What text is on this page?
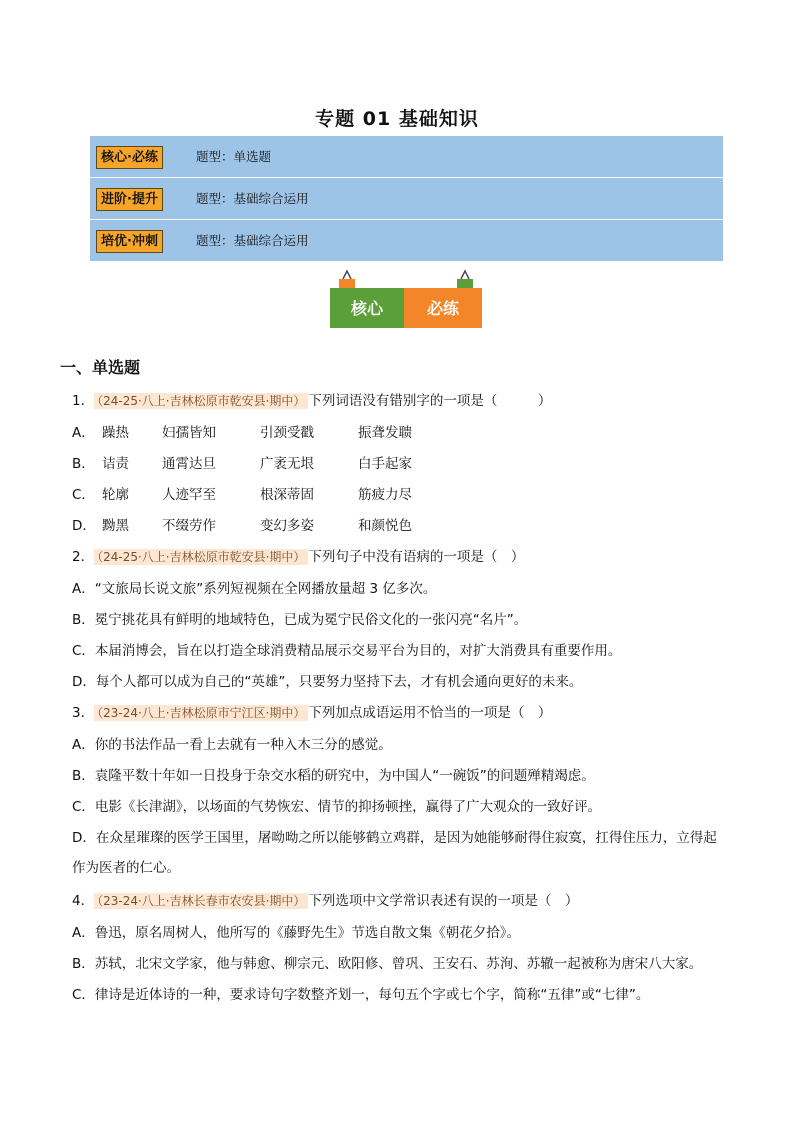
专题 01 基础知识
核心·必练	题型：单选题
进阶·提升	题型：基础综合运用
培优·冲刺	题型：基础综合运用
核心	必练
一、单选题
1． （24-25·八上·吉林松原市乾安县·期中） 下列词语没有错别字的一项是（　　　）
A． 躁热 妇孺皆知	引颈受戳	振聋发聩
B． 诘责 通霄达旦	广袤无垠	白手起家
C． 轮廓 人迹罕至	根深蒂固	筋疲力尽
D． 黝黑 不缀劳作	变幻多姿	和颜悦色
2． （24-25·八上·吉林松原市乾安县·期中） 下列句子中没有语病的一项是（　）
A．“文旅局长说文旅”系列短视频在全网播放量超 3 亿多次。
B．冕宁挑花具有鲜明的地域特色，已成为冕宁民俗文化的一张闪亮“名片”。
C．本届消博会，旨在以打造全球消费精品展示交易平台为目的，对扩大消费具有重要作用。
D．每个人都可以成为自己的“英雄”，只要努力坚持下去，才有机会通向更好的未来。
3． （23-24·八上·吉林松原市宁江区·期中） 下列加点成语运用不恰当的一项是（　）
A．你的书法作品一看上去就有一种入木三分的感觉。
B．袁隆平数十年如一日投身于杂交水稻的研究中，为中国人“一碗饭”的问题殚精竭虑。
C．电影《长津湖》，以场面的气势恢宏、情节的抑扬顿挫，赢得了广大观众的一致好评。
D．在众星璀璨的医学王国里，屠呦呦之所以能够鹤立鸡群，是因为她能够耐得住寂寞，扛得住压力，立得起作为医者的仁心。
4． （23-24·八上·吉林长春市农安县·期中） 下列选项中文学常识表述有误的一项是（　）
A．鲁迅，原名周树人，他所写的《藤野先生》节选自散文集《朝花夕拾》。
B．苏轼，北宋文学家，他与韩愈、柳宗元、欧阳修、曾巩、王安石、苏洵、苏辙一起被称为唐宋八大家。
C．律诗是近体诗的一种，要求诗句字数整齐划一，每句五个字或七个字，简称“五律”或“七律”。
